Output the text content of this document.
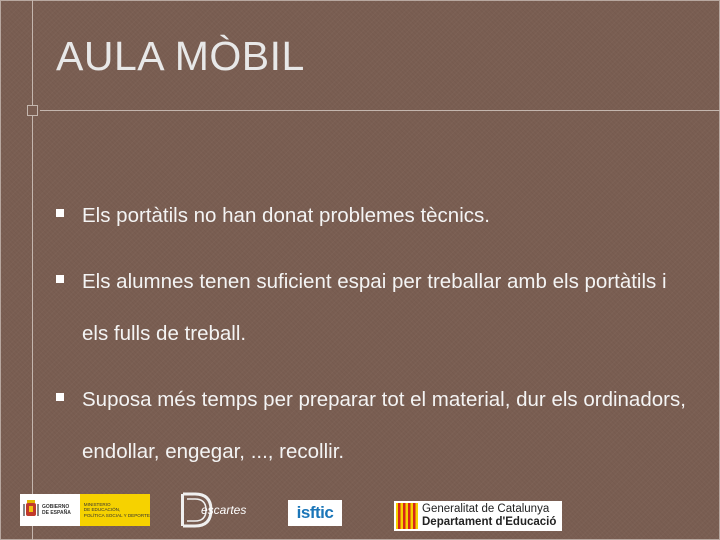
AULA MÒBIL
Els portàtils no han donat problemes tècnics.
Els alumnes tenen suficient espai per treballar amb els portàtils i els fulls de treball.
Suposa més temps per preparar tot el material, dur els ordinadors, endollar, engegar, ..., recollir.
GOBIERNO
DE ESPAÑA
MINISTERIO
DE EDUCACIÓN,
POLÍTICA SOCIAL Y DEPORTE	escartes	isftic	Generalitat de Catalunya
Departament d'Educació
